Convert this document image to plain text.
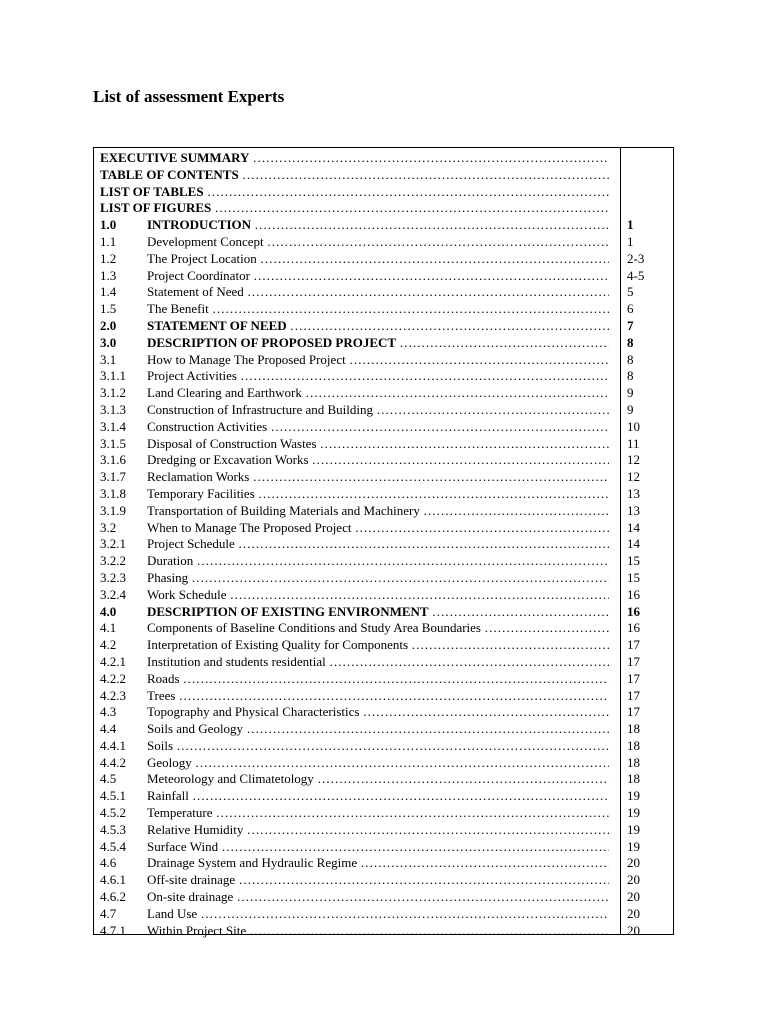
List of assessment Experts
EXECUTIVE SUMMARY ……………………………………………………………………………………………………………………………………………………………………………
TABLE OF CONTENTS ……………………………………………………………………………………………………………………………………………………………………………
LIST OF TABLES ……………………………………………………………………………………………………………………………………………………………………………
LIST OF FIGURES ……………………………………………………………………………………………………………………………………………………………………………
1.0 INTRODUCTION ……………………………………………………………………………………………………………………………………………………………………………	1
1.1 Development Concept ……………………………………………………………………………………………………………………………………………………………………………	1
1.2 The Project Location ……………………………………………………………………………………………………………………………………………………………………………	2-3
1.3 Project Coordinator ……………………………………………………………………………………………………………………………………………………………………………	4-5
1.4 Statement of Need ……………………………………………………………………………………………………………………………………………………………………………	5
1.5 The Benefit ……………………………………………………………………………………………………………………………………………………………………………	6
2.0 STATEMENT OF NEED ……………………………………………………………………………………………………………………………………………………………………………	7
3.0 DESCRIPTION OF PROPOSED PROJECT ……………………………………………………………………………………………………………………………………………………………………………	8
3.1 How to Manage The Proposed Project ……………………………………………………………………………………………………………………………………………………………………………	8
3.1.1 Project Activities ……………………………………………………………………………………………………………………………………………………………………………	8
3.1.2 Land Clearing and Earthwork ……………………………………………………………………………………………………………………………………………………………………………	9
3.1.3 Construction of Infrastructure and Building ……………………………………………………………………………………………………………………………………………………………………………	9
3.1.4 Construction Activities ……………………………………………………………………………………………………………………………………………………………………………	10
3.1.5 Disposal of Construction Wastes ……………………………………………………………………………………………………………………………………………………………………………	11
3.1.6 Dredging or Excavation Works ……………………………………………………………………………………………………………………………………………………………………………	12
3.1.7 Reclamation Works ……………………………………………………………………………………………………………………………………………………………………………	12
3.1.8 Temporary Facilities ……………………………………………………………………………………………………………………………………………………………………………	13
3.1.9 Transportation of Building Materials and Machinery ……………………………………………………………………………………………………………………………………………………………………………	13
3.2 When to Manage The Proposed Project ……………………………………………………………………………………………………………………………………………………………………………	14
3.2.1 Project Schedule ……………………………………………………………………………………………………………………………………………………………………………	14
3.2.2 Duration ……………………………………………………………………………………………………………………………………………………………………………	15
3.2.3 Phasing ……………………………………………………………………………………………………………………………………………………………………………	15
3.2.4 Work Schedule ……………………………………………………………………………………………………………………………………………………………………………	16
4.0 DESCRIPTION OF EXISTING ENVIRONMENT ……………………………………………………………………………………………………………………………………………………………………………	16
4.1 Components of Baseline Conditions and Study Area Boundaries ……………………………………………………………………………………………………………………………………………………………………………	16
4.2 Interpretation of Existing Quality for Components ……………………………………………………………………………………………………………………………………………………………………………	17
4.2.1 Institution and students residential ……………………………………………………………………………………………………………………………………………………………………………	17
4.2.2 Roads ……………………………………………………………………………………………………………………………………………………………………………	17
4.2.3 Trees ……………………………………………………………………………………………………………………………………………………………………………	17
4.3 Topography and Physical Characteristics ……………………………………………………………………………………………………………………………………………………………………………	17
4.4 Soils and Geology ……………………………………………………………………………………………………………………………………………………………………………	18
4.4.1 Soils ……………………………………………………………………………………………………………………………………………………………………………	18
4.4.2 Geology ……………………………………………………………………………………………………………………………………………………………………………	18
4.5 Meteorology and Climatetology ……………………………………………………………………………………………………………………………………………………………………………	18
4.5.1 Rainfall ……………………………………………………………………………………………………………………………………………………………………………	19
4.5.2 Temperature ……………………………………………………………………………………………………………………………………………………………………………	19
4.5.3 Relative Humidity ……………………………………………………………………………………………………………………………………………………………………………	19
4.5.4 Surface Wind ……………………………………………………………………………………………………………………………………………………………………………	19
4.6 Drainage System and Hydraulic Regime ……………………………………………………………………………………………………………………………………………………………………………	20
4.6.1 Off-site drainage ……………………………………………………………………………………………………………………………………………………………………………	20
4.6.2 On-site drainage ……………………………………………………………………………………………………………………………………………………………………………	20
4.7 Land Use ……………………………………………………………………………………………………………………………………………………………………………	20
4.7.1 Within Project Site ……………………………………………………………………………………………………………………………………………………………………………	20
